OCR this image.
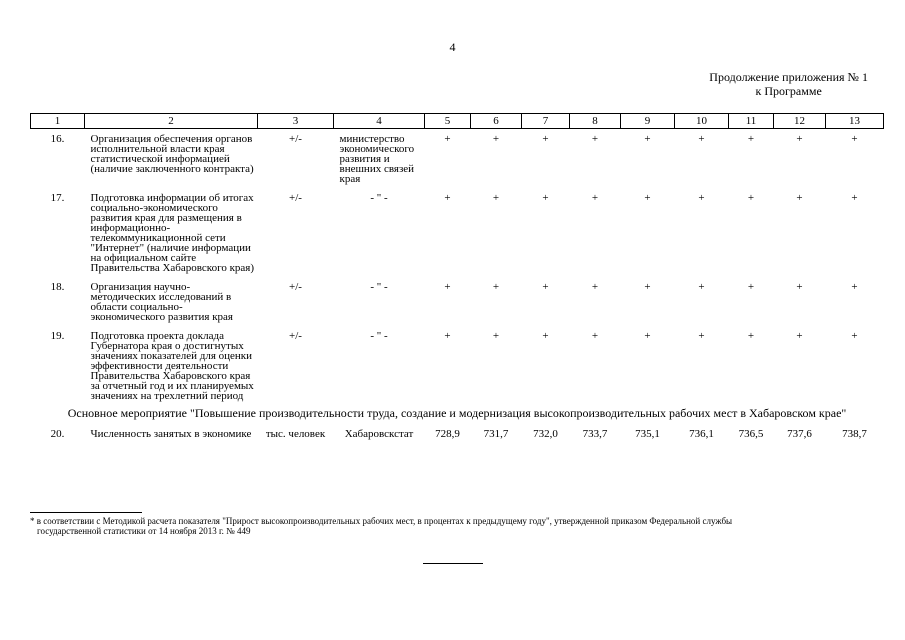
4
Продолжение приложения № 1
к Программе
1	2	3	4	5	6	7	8	9	10	11	12	13
16.	Организация обеспечения органов исполнительной власти края статистической информацией (наличие заключенного контракта)	+/-	министерство экономического развития и внешних связей края	+	+	+	+	+	+	+	+	+
17.	Подготовка информации об итогах социально-экономического развития края для размещения в информационно-телекоммуникационной сети "Интернет" (наличие информации на официальном сайте Правительства Хабаровского края)	+/-	- " -	+	+	+	+	+	+	+	+	+
18.	Организация научно-методических исследований в области социально-экономического развития края	+/-	- " -	+	+	+	+	+	+	+	+	+
19.	Подготовка проекта доклада Губернатора края о достигнутых значениях показателей для оценки эффективности деятельности Правительства Хабаровского края за отчетный год и их планируемых значениях на трехлетний период	+/-	- " -	+	+	+	+	+	+	+	+	+
Основное мероприятие "Повышение производительности труда, создание и модернизация высокопроизводительных рабочих мест в Хабаровском крае"												
20.	Численность занятых в экономике	тыс. человек	Хабаровскстат	728,9	731,7	732,0	733,7	735,1	736,1	736,5	737,6	738,7
* в соответствии с Методикой расчета показателя "Прирост высокопроизводительных рабочих мест, в процентах к предыдущему году", утвержденной приказом Федеральной службы
государственной статистики от 14 ноября 2013 г. № 449
